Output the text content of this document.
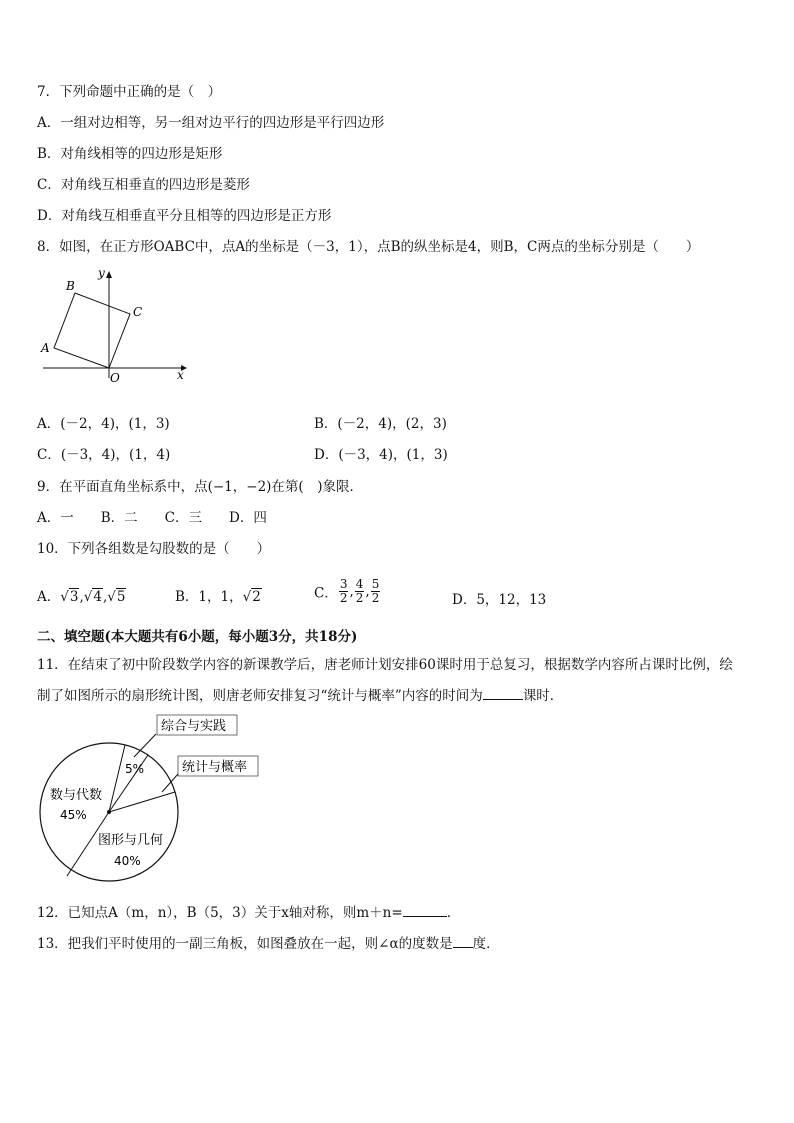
7．下列命题中正确的是（　）
A．一组对边相等，另一组对边平行的四边形是平行四边形
B．对角线相等的四边形是矩形
C．对角线互相垂直的四边形是菱形
D．对角线互相垂直平分且相等的四边形是正方形
8．如图，在正方形OABC中，点A的坐标是（－3，1），点B的纵坐标是4，则B，C两点的坐标分别是（　　）
y
x
O
A
B
C
A．(－2，4)，(1，3)	B．(－2，4)，(2，3)
C．(－3，4)，(1，4)	D．(－3，4)，(1，3)
9．在平面直角坐标系中，点(−1，−2)在第(　)象限．
A．一　　B．二　　C．三　　D．四
10．下列各组数是勾股数的是（　　）
A．√3,√4,√5	B．1，1，√2	C． $\frac{3}{2}$ , $\frac{4}{2}$ , $\frac{5}{2}$	D．5，12，13
二、填空题(本大题共有6小题，每小题3分，共18分)
11．在结束了初中阶段数学内容的新课教学后，唐老师计划安排60课时用于总复习，根据数学内容所占课时比例，绘
制了如图所示的扇形统计图，则唐老师安排复习“统计与概率”内容的时间为	课时．
综合与实践
统计与概率
5%
数与代数
45%
图形与几何
40%
12．已知点A（m，n），B（5，3）关于x轴对称，则m＋n=	．
13．把我们平时使用的一副三角板，如图叠放在一起，则∠α的度数是 度．
